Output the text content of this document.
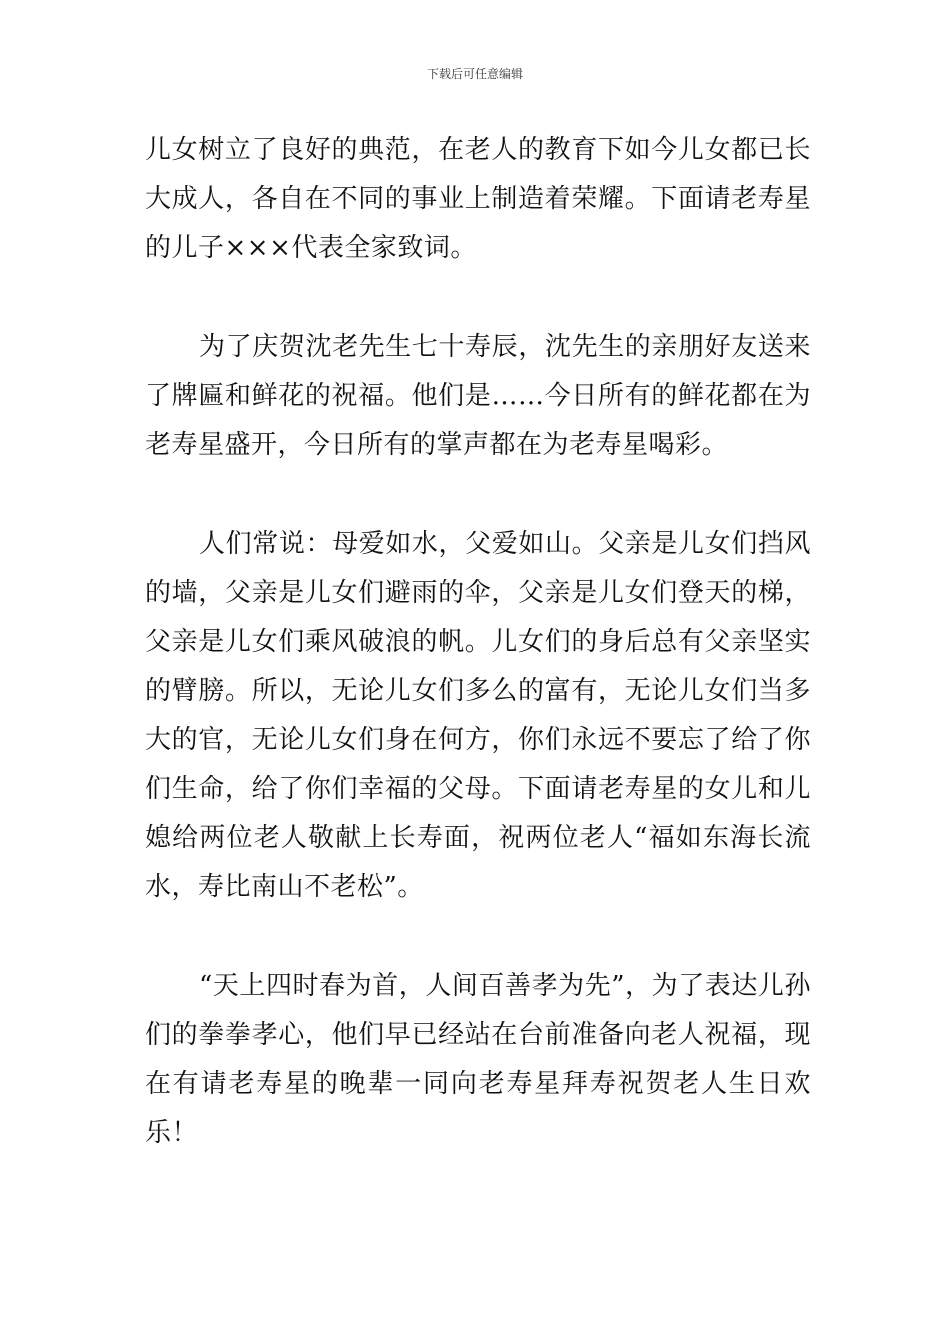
下载后可任意编辑

儿女树立了良好的典范，在老人的教育下如今儿女都已长大成人，各自在不同的事业上制造着荣耀。下面请老寿星的儿子×××代表全家致词。

为了庆贺沈老先生七十寿辰，沈先生的亲朋好友送来了牌匾和鲜花的祝福。他们是……今日所有的鲜花都在为老寿星盛开，今日所有的掌声都在为老寿星喝彩。

人们常说：母爱如水，父爱如山。父亲是儿女们挡风的墙，父亲是儿女们避雨的伞，父亲是儿女们登天的梯，父亲是儿女们乘风破浪的帆。儿女们的身后总有父亲坚实的臂膀。所以，无论儿女们多么的富有，无论儿女们当多大的官，无论儿女们身在何方，你们永远不要忘了给了你们生命，给了你们幸福的父母。下面请老寿星的女儿和儿媳给两位老人敬献上长寿面，祝两位老人“福如东海长流水，寿比南山不老松”。

“天上四时春为首，人间百善孝为先”，为了表达儿孙们的拳拳孝心，他们早已经站在台前准备向老人祝福，现在有请老寿星的晚辈一同向老寿星拜寿祝贺老人生日欢乐！
